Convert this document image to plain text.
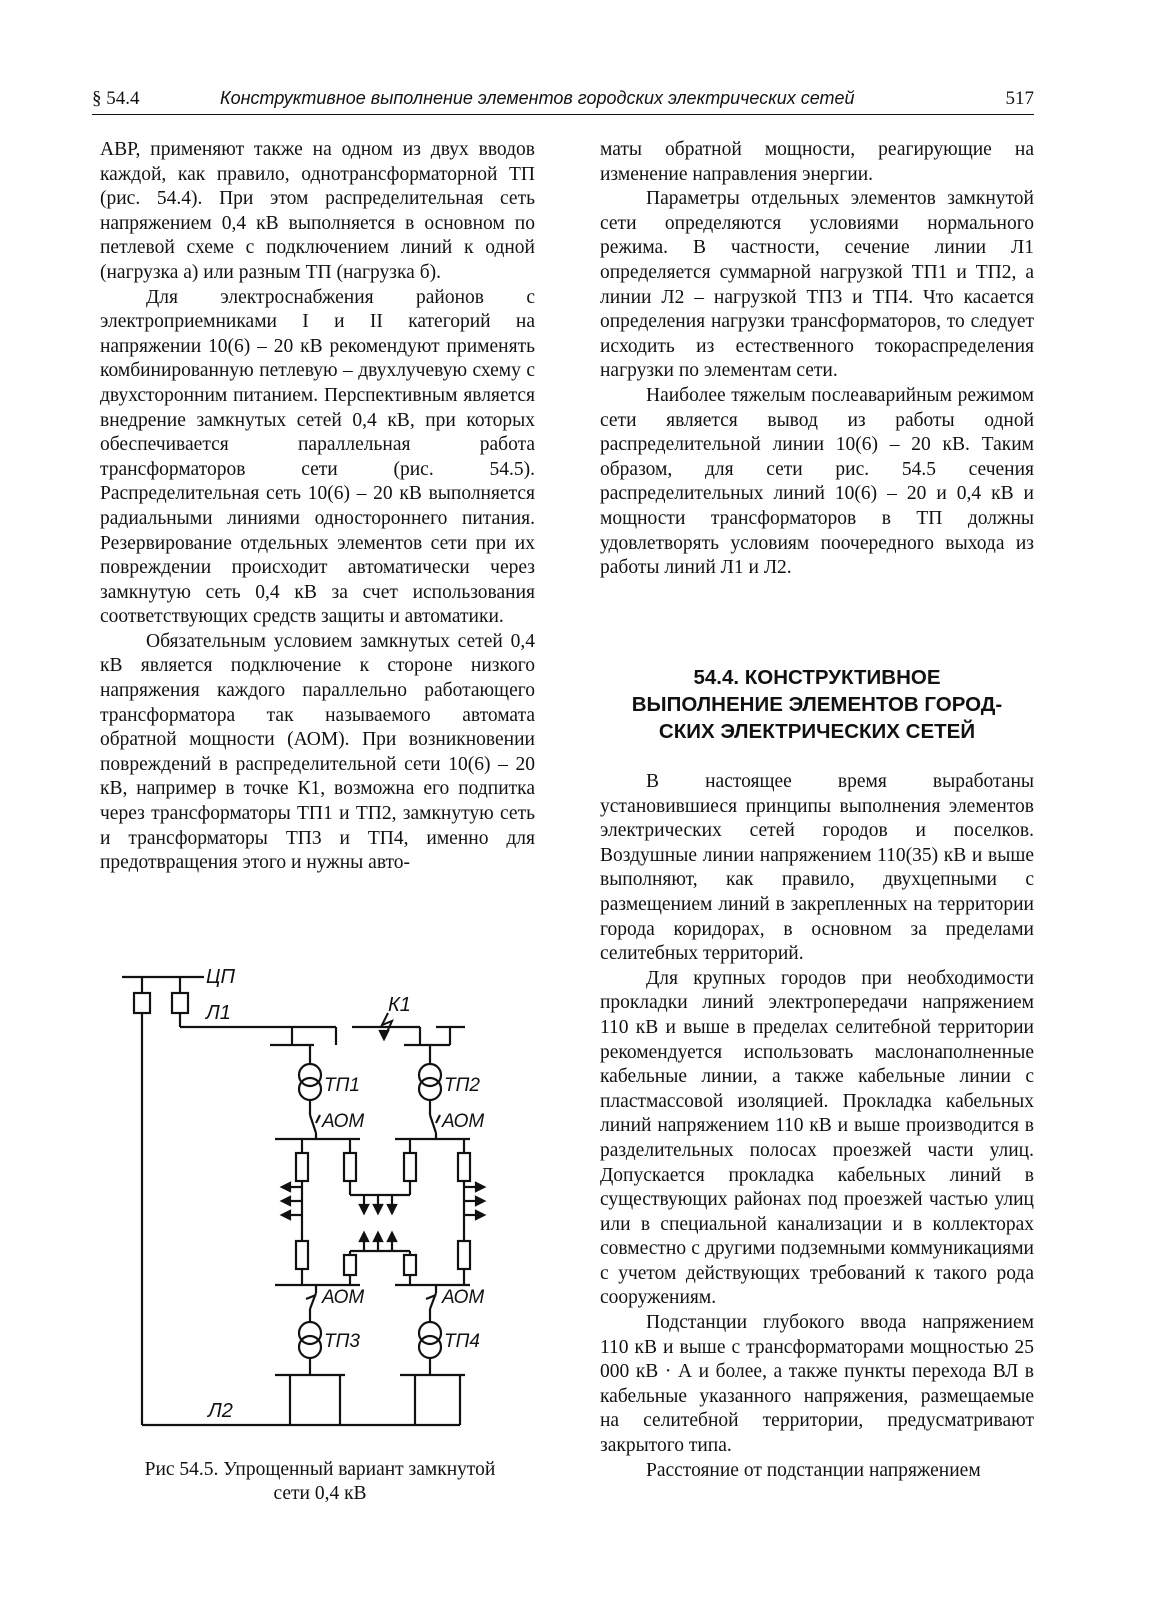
§ 54.4	Конструктивное выполнение элементов городских электрических сетей	517

АВР, применяют также на одном из двух вводов каждой, как правило, однотрансформаторной ТП (рис. 54.4). При этом распределительная сеть напряжением 0,4 кВ выполняется в основном по петлевой схеме с подключением линий к одной (нагрузка а) или разным ТП (нагрузка б).

Для электроснабжения районов с электроприемниками I и II категорий на напряжении 10(6) – 20 кВ рекомендуют применять комбинированную петлевую – двухлучевую схему с двухсторонним питанием. Перспективным является внедрение замкнутых сетей 0,4 кВ, при которых обеспечивается параллельная работа трансформаторов сети (рис. 54.5). Распределительная сеть 10(6) – 20 кВ выполняется радиальными линиями одностороннего питания. Резервирование отдельных элементов сети при их повреждении происходит автоматически через замкнутую сеть 0,4 кВ за счет использования соответствующих средств защиты и автоматики.

Обязательным условием замкнутых сетей 0,4 кВ является подключение к стороне низкого напряжения каждого параллельно работающего трансформатора так называемого автомата обратной мощности (АОМ). При возникновении повреждений в распределительной сети 10(6) – 20 кВ, например в точке К1, возможна его подпитка через трансформаторы ТП1 и ТП2, замкнутую сеть и трансформаторы ТП3 и ТП4, именно для предотвращения этого и нужны авто-

маты обратной мощности, реагирующие на изменение направления энергии.

Параметры отдельных элементов замкнутой сети определяются условиями нормального режима. В частности, сечение линии Л1 определяется суммарной нагрузкой ТП1 и ТП2, а линии Л2 – нагрузкой ТП3 и ТП4. Что касается определения нагрузки трансформаторов, то следует исходить из естественного токораспределения нагрузки по элементам сети.

Наиболее тяжелым послеаварийным режимом сети является вывод из работы одной распределительной линии 10(6) – 20 кВ. Таким образом, для сети рис. 54.5 сечения распределительных линий 10(6) – 20 и 0,4 кВ и мощности трансформаторов в ТП должны удовлетворять условиям поочередного выхода из работы линий Л1 и Л2.

54.4. КОНСТРУКТИВНОЕ
ВЫПОЛНЕНИЕ ЭЛЕМЕНТОВ ГОРОД-
СКИХ ЭЛЕКТРИЧЕСКИХ СЕТЕЙ

В настоящее время выработаны установившиеся принципы выполнения элементов электрических сетей городов и поселков. Воздушные линии напряжением 110(35) кВ и выше выполняют, как правило, двухцепными с размещением линий в закрепленных на территории города коридорах, в основном за пределами селитебных территорий.

Для крупных городов при необходимости прокладки линий электропередачи напряжением 110 кВ и выше в пределах селитебной территории рекомендуется использовать маслонаполненные кабельные линии, а также кабельные линии с пластмассовой изоляцией. Прокладка кабельных линий напряжением 110 кВ и выше производится в разделительных полосах проезжей части улиц. Допускается прокладка кабельных линий в существующих районах под проезжей частью улиц или в специальной канализации и в коллекторах совместно с другими подземными коммуникациями с учетом действующих требований к такого рода сооружениям.

Подстанции глубокого ввода напряжением 110 кВ и выше с трансформаторами мощностью 25 000 кВ · А и более, а также пункты перехода ВЛ в кабельные указанного напряжения, размещаемые на селитебной территории, предусматривают закрытого типа.

Расстояние от подстанции напряжением

ЦП
Л1	К1
ТП1	ТП2
АОМ	АОМ
АОМ	АОМ
ТП3	ТП4
Л2
Рис 54.5. Упрощенный вариант замкнутой
сети 0,4 кВ
